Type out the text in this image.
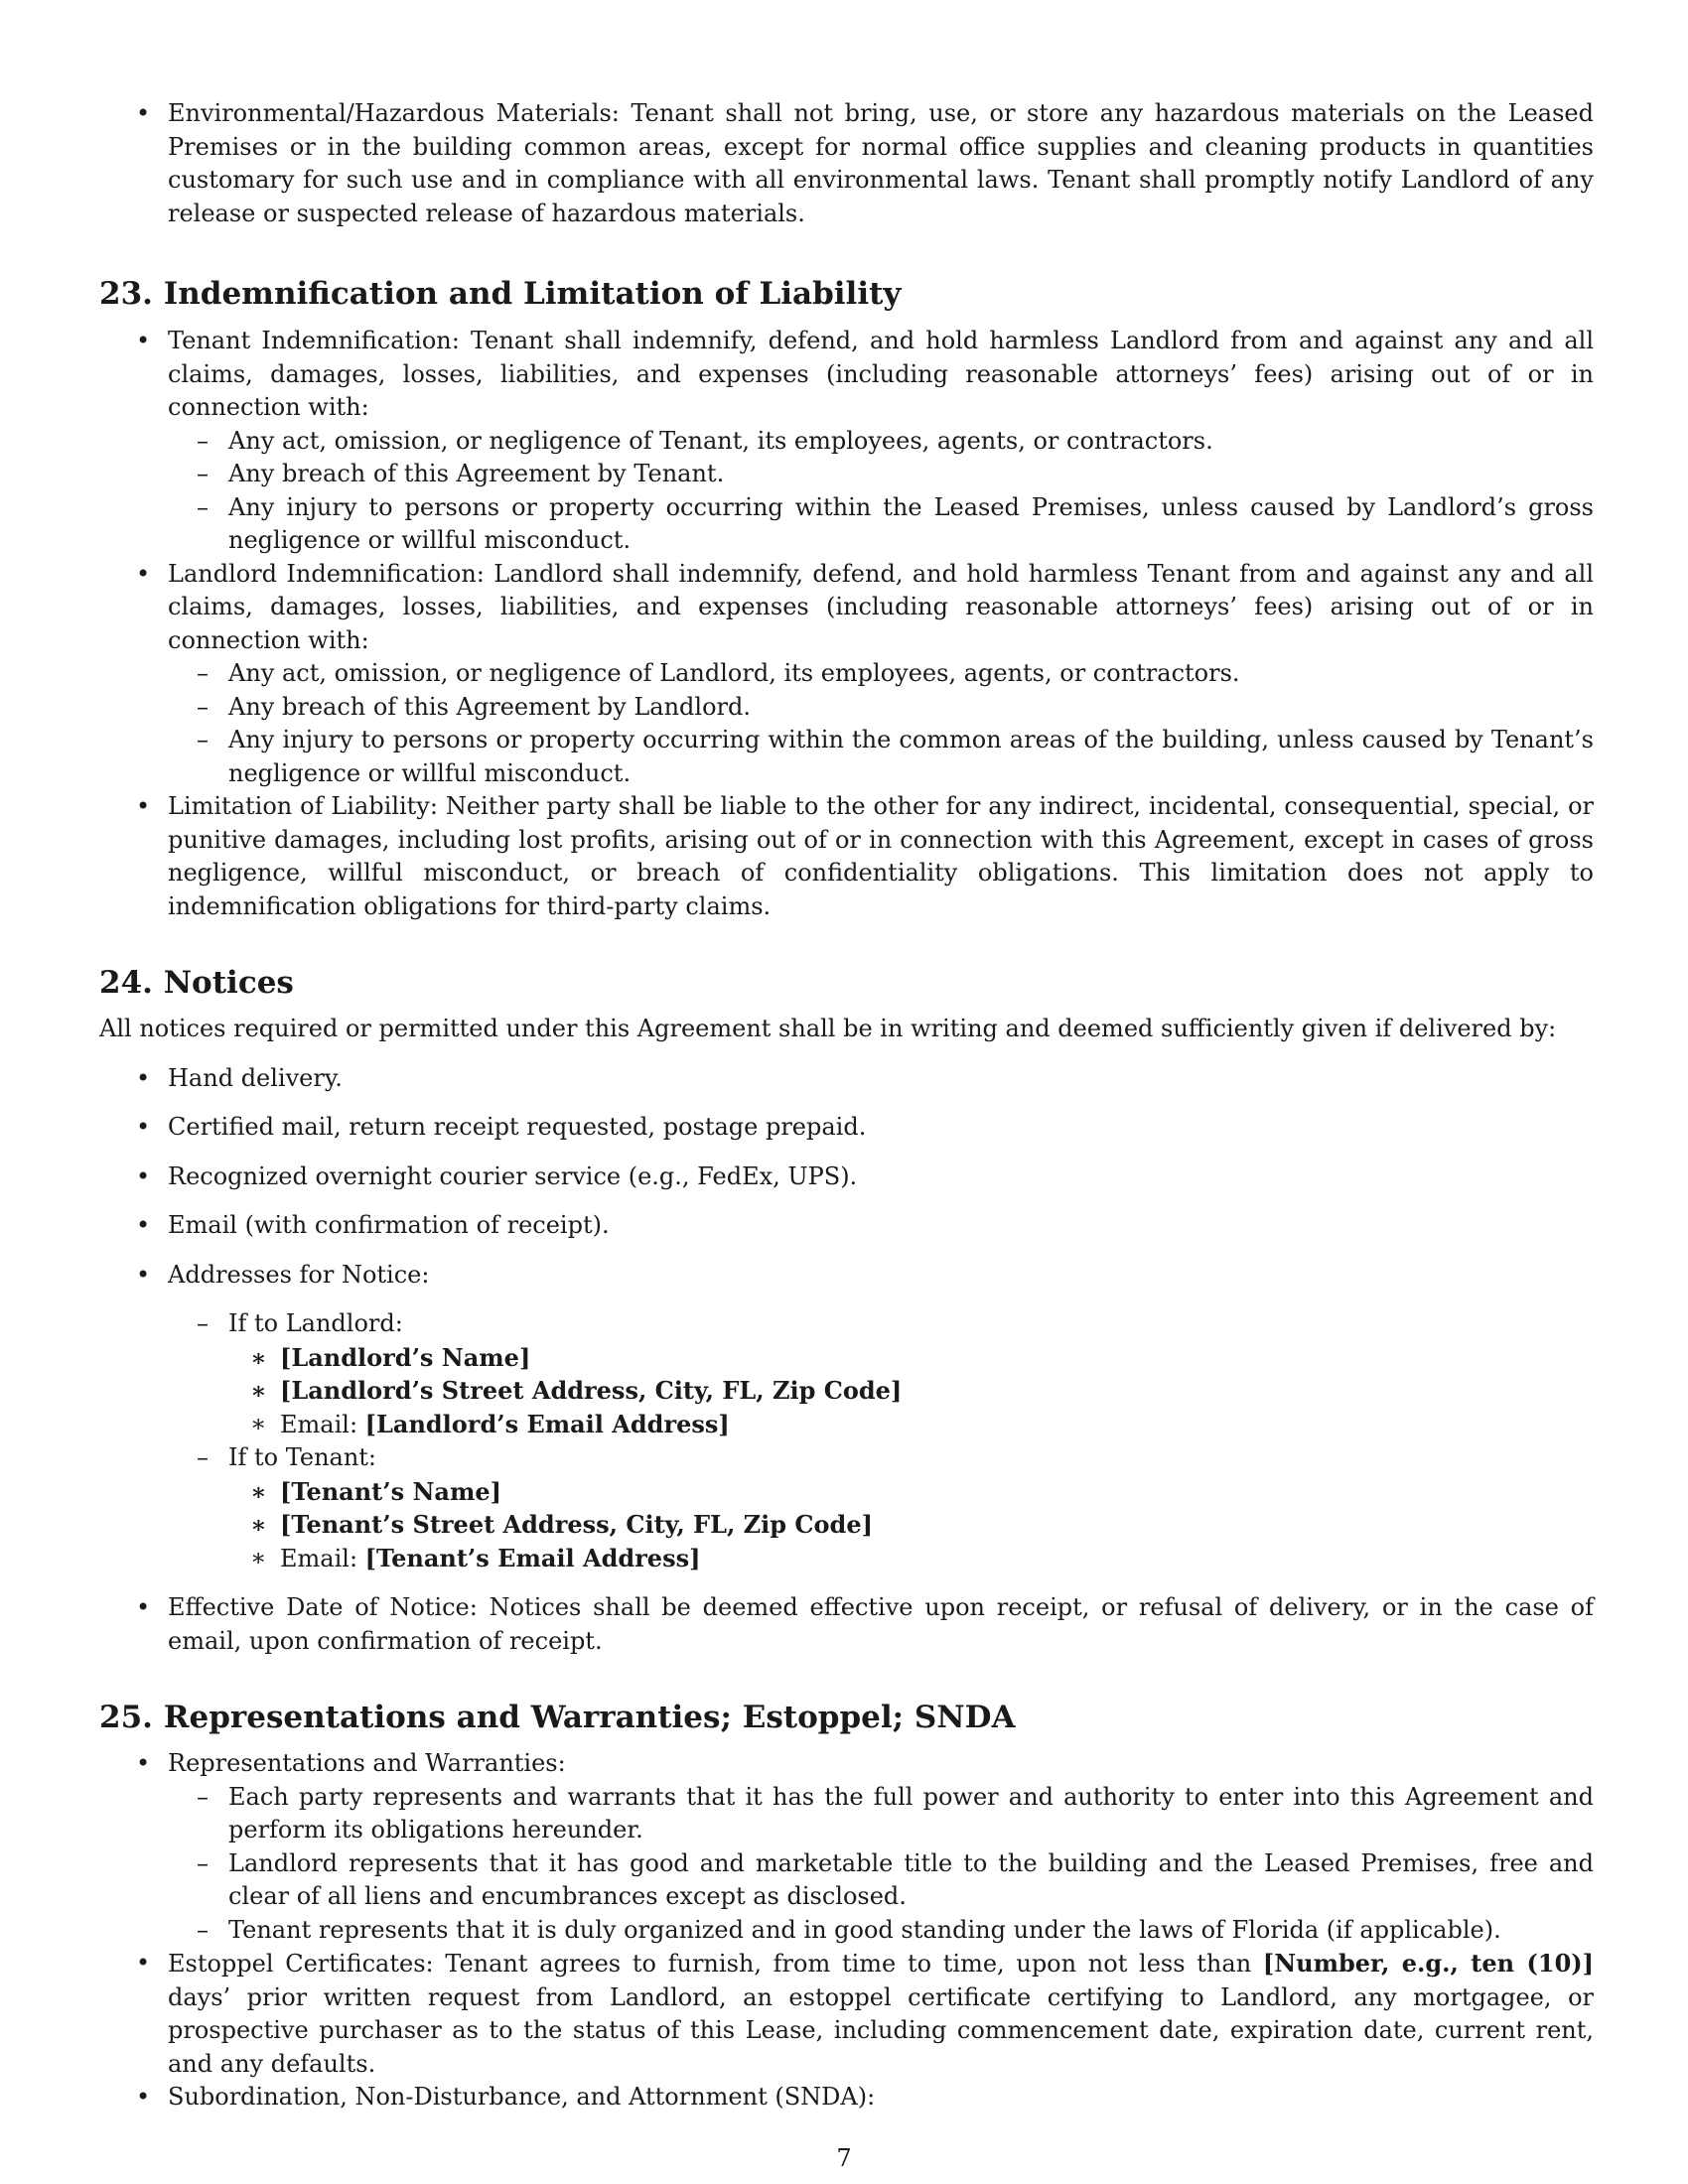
• Environmental/Hazardous Materials: Tenant shall not bring, use, or store any hazardous materials on the Leased Premises or in the building common areas, except for normal office supplies and cleaning products in quantities customary for such use and in compliance with all environmental laws. Tenant shall promptly notify Landlord of any release or suspected release of hazardous materials.
23. Indemnification and Limitation of Liability
• Tenant Indemnification: Tenant shall indemnify, defend, and hold harmless Landlord from and against any and all claims, damages, losses, liabilities, and expenses (including reasonable attorneys’ fees) arising out of or in connection with:
– Any act, omission, or negligence of Tenant, its employees, agents, or contractors.
– Any breach of this Agreement by Tenant.
– Any injury to persons or property occurring within the Leased Premises, unless caused by Landlord’s gross negligence or willful misconduct.
• Landlord Indemnification: Landlord shall indemnify, defend, and hold harmless Tenant from and against any and all claims, damages, losses, liabilities, and expenses (including reasonable attorneys’ fees) arising out of or in connection with:
– Any act, omission, or negligence of Landlord, its employees, agents, or contractors.
– Any breach of this Agreement by Landlord.
– Any injury to persons or property occurring within the common areas of the building, unless caused by Tenant’s negligence or willful misconduct.
• Limitation of Liability: Neither party shall be liable to the other for any indirect, incidental, consequential, special, or punitive damages, including lost profits, arising out of or in connection with this Agreement, except in cases of gross negligence, willful misconduct, or breach of confidentiality obligations. This limitation does not apply to indemnification obligations for third-party claims.
24. Notices

All notices required or permitted under this Agreement shall be in writing and deemed sufficiently given if delivered by:

• Hand delivery.
• Certified mail, return receipt requested, postage prepaid.
• Recognized overnight courier service (e.g., FedEx, UPS).
• Email (with confirmation of receipt).
• Addresses for Notice:
– If to Landlord:
∗ [Landlord’s Name]
∗ [Landlord’s Street Address, City, FL, Zip Code]
∗ Email: [Landlord’s Email Address]
– If to Tenant:
∗ [Tenant’s Name]
∗ [Tenant’s Street Address, City, FL, Zip Code]
∗ Email: [Tenant’s Email Address]
• Effective Date of Notice: Notices shall be deemed effective upon receipt, or refusal of delivery, or in the case of email, upon confirmation of receipt.
25. Representations and Warranties; Estoppel; SNDA
• Representations and Warranties:
– Each party represents and warrants that it has the full power and authority to enter into this Agreement and perform its obligations hereunder.
– Landlord represents that it has good and marketable title to the building and the Leased Premises, free and clear of all liens and encumbrances except as disclosed.
– Tenant represents that it is duly organized and in good standing under the laws of Florida (if applicable).
• Estoppel Certificates: Tenant agrees to furnish, from time to time, upon not less than [Number, e.g., ten (10)] days’ prior written request from Landlord, an estoppel certificate certifying to Landlord, any mortgagee, or prospective purchaser as to the status of this Lease, including commencement date, expiration date, current rent, and any defaults.
• Subordination, Non-Disturbance, and Attornment (SNDA):
7
